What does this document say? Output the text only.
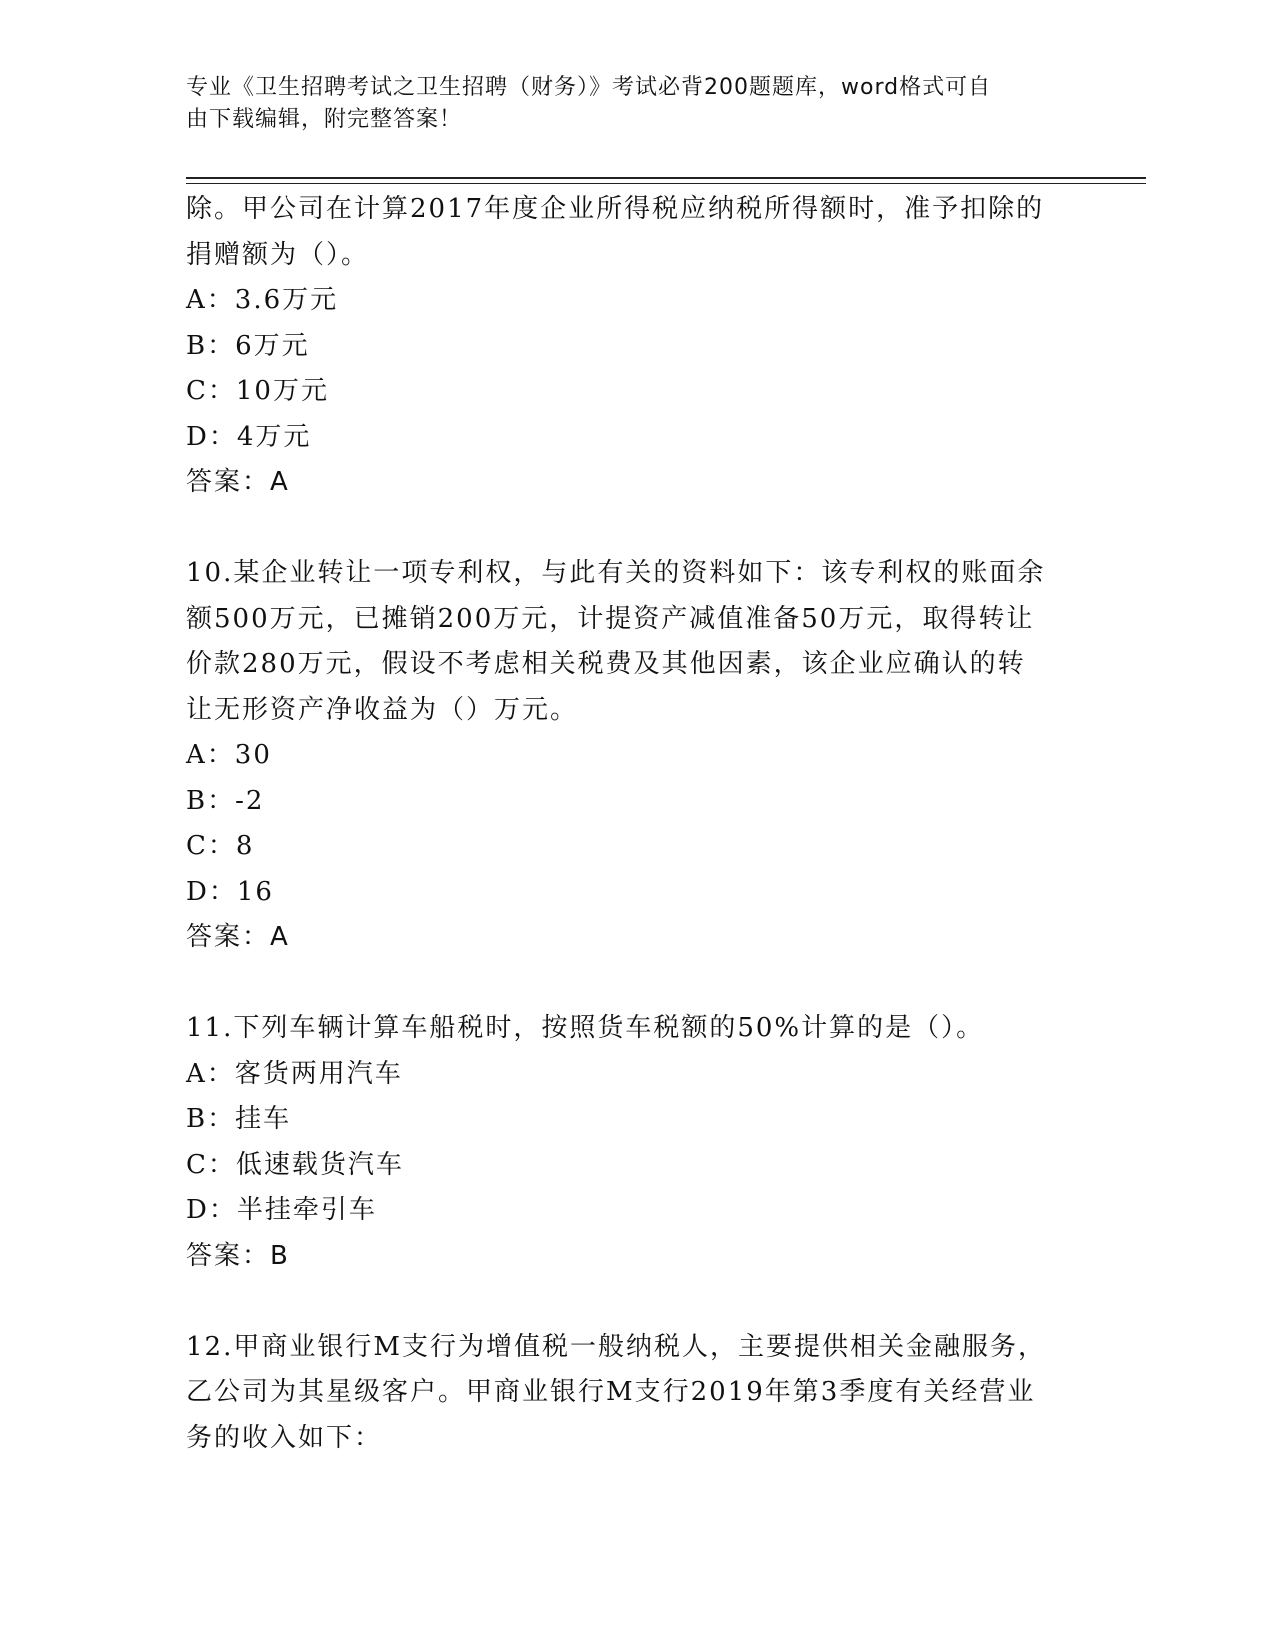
专业《卫生招聘考试之卫生招聘（财务）》考试必背200题题库，word格式可自
由下载编辑，附完整答案！

除。甲公司在计算2017年度企业所得税应纳税所得额时，准予扣除的

捐赠额为（）。

A：3.6万元

B：6万元

C：10万元

D：4万元

答案：A

10.某企业转让一项专利权，与此有关的资料如下：该专利权的账面余

额500万元，已摊销200万元，计提资产减值准备50万元，取得转让

价款280万元，假设不考虑相关税费及其他因素，该企业应确认的转

让无形资产净收益为（）万元。

A：30

B：-2

C：8

D：16

答案：A

11.下列车辆计算车船税时，按照货车税额的50%计算的是（）。

A：客货两用汽车

B：挂车

C：低速载货汽车

D：半挂牵引车

答案：B

12.甲商业银行M支行为增值税一般纳税人，主要提供相关金融服务，

乙公司为其星级客户。甲商业银行M支行2019年第3季度有关经营业

务的收入如下：
